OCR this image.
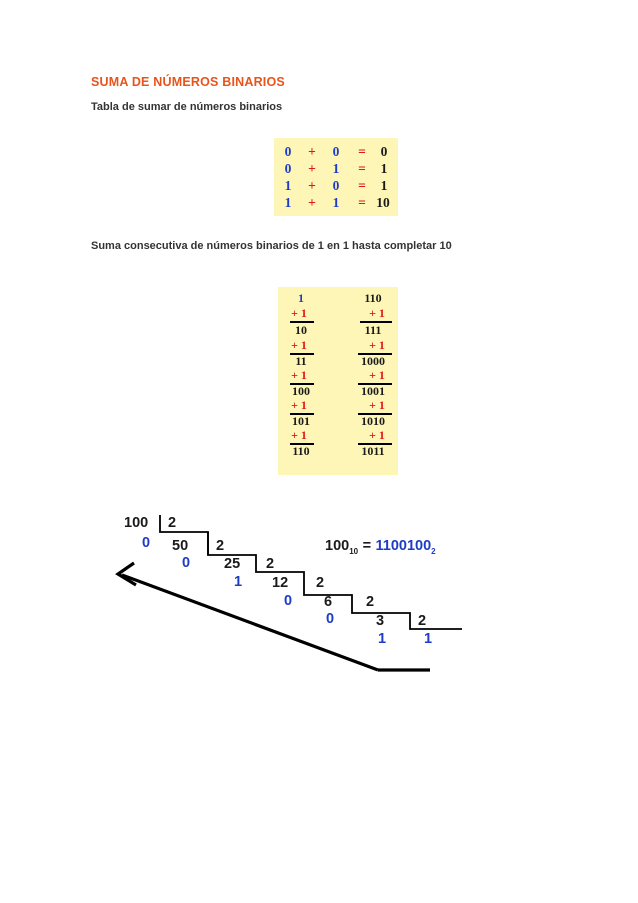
SUMA DE NÚMEROS BINARIOS
Tabla de sumar de números binarios
0	+	0	=	0
0	+	1	=	1
1	+	0	=	1
1	+	1	= 10
Suma consecutiva de números binarios de 1 en 1 hasta completar 10
1
+ 1
10
+ 1
11
+ 1
100
+ 1
101
+ 1
110
110
+ 1
111
+ 1
1000
+ 1
1001
+ 1
1010
+ 1
1011
100
50
25
12
6
3
2
2
2
2
2
2
0
0
1
0
0
1	1
$100_{10} = 1100100_2$
